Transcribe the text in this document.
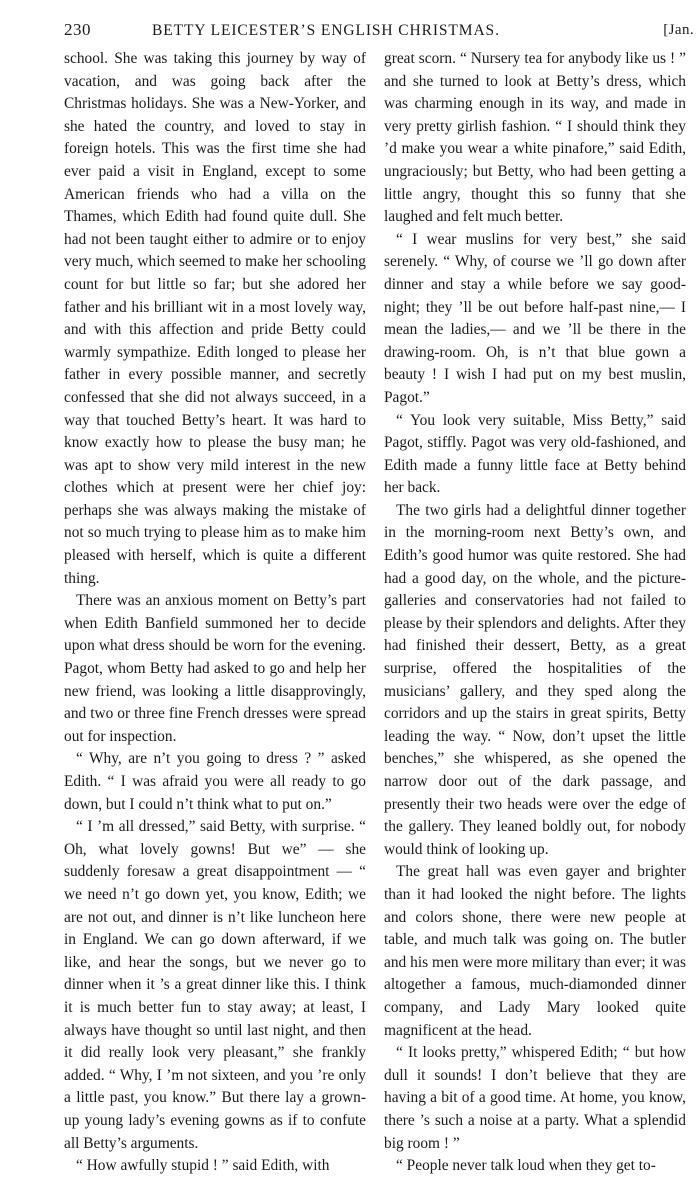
230	BETTY LEICESTER’S ENGLISH CHRISTMAS.	[Jan.

school. She was taking this journey by way of vacation, and was going back after the Christmas holidays. She was a New-Yorker, and she hated the country, and loved to stay in foreign hotels. This was the first time she had ever paid a visit in England, except to some American friends who had a villa on the Thames, which Edith had found quite dull. She had not been taught either to admire or to enjoy very much, which seemed to make her schooling count for but little so far; but she adored her father and his brilliant wit in a most lovely way, and with this affection and pride Betty could warmly sympathize. Edith longed to please her father in every possible manner, and secretly confessed that she did not always succeed, in a way that touched Betty’s heart. It was hard to know exactly how to please the busy man; he was apt to show very mild interest in the new clothes which at present were her chief joy: perhaps she was always making the mistake of not so much trying to please him as to make him pleased with herself, which is quite a different thing.

There was an anxious moment on Betty’s part when Edith Banfield summoned her to decide upon what dress should be worn for the evening. Pagot, whom Betty had asked to go and help her new friend, was looking a little disapprovingly, and two or three fine French dresses were spread out for inspection.

“ Why, are n’t you going to dress ? ” asked Edith. “ I was afraid you were all ready to go down, but I could n’t think what to put on.”

“ I ’m all dressed,” said Betty, with surprise. “ Oh, what lovely gowns! But we” — she suddenly foresaw a great disappointment — “ we need n’t go down yet, you know, Edith; we are not out, and dinner is n’t like luncheon here in England. We can go down afterward, if we like, and hear the songs, but we never go to dinner when it ’s a great dinner like this. I think it is much better fun to stay away; at least, I always have thought so until last night, and then it did really look very pleasant,” she frankly added. “ Why, I ’m not sixteen, and you ’re only a little past, you know.” But there lay a grown-up young lady’s evening gowns as if to confute all Betty’s arguments.

“ How awfully stupid ! ” said Edith, with

great scorn. “ Nursery tea for anybody like us ! ” and she turned to look at Betty’s dress, which was charming enough in its way, and made in very pretty girlish fashion. “ I should think they ’d make you wear a white pinafore,” said Edith, ungraciously; but Betty, who had been getting a little angry, thought this so funny that she laughed and felt much better.

“ I wear muslins for very best,” she said serenely. “ Why, of course we ’ll go down after dinner and stay a while before we say good-night; they ’ll be out before half-past nine,— I mean the ladies,— and we ’ll be there in the drawing-room. Oh, is n’t that blue gown a beauty ! I wish I had put on my best muslin, Pagot.”

“ You look very suitable, Miss Betty,” said Pagot, stiffly. Pagot was very old-fashioned, and Edith made a funny little face at Betty behind her back.

The two girls had a delightful dinner together in the morning-room next Betty’s own, and Edith’s good humor was quite restored. She had had a good day, on the whole, and the picture-galleries and conservatories had not failed to please by their splendors and delights. After they had finished their dessert, Betty, as a great surprise, offered the hospitalities of the musicians’ gallery, and they sped along the corridors and up the stairs in great spirits, Betty leading the way. “ Now, don’t upset the little benches,” she whispered, as she opened the narrow door out of the dark passage, and presently their two heads were over the edge of the gallery. They leaned boldly out, for nobody would think of looking up.

The great hall was even gayer and brighter than it had looked the night before. The lights and colors shone, there were new people at table, and much talk was going on. The butler and his men were more military than ever; it was altogether a famous, much-diamonded dinner company, and Lady Mary looked quite magnificent at the head.

“ It looks pretty,” whispered Edith; “ but how dull it sounds! I don’t believe that they are having a bit of a good time. At home, you know, there ’s such a noise at a party. What a splendid big room ! ”

“ People never talk loud when they get to-
